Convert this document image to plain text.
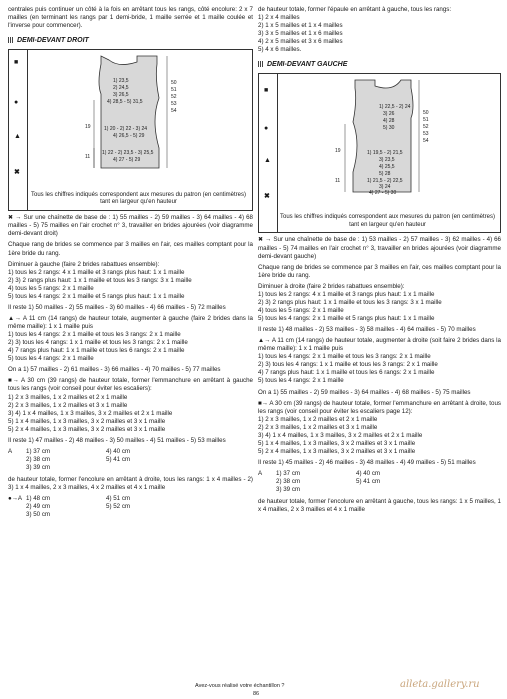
centrales puis continuer un côté à la fois en arrêtant tous les rangs, côté encolure: 2 x 7 mailles (en terminant les rangs par 1 demi-bride, 1 maille serrée et 1 maille coulée et l'inverse pour commencer).

DEMI-DEVANT DROIT
■
●
▲
✖
1) 23,5
2) 24,5
3) 26,5
4) 28,5 - 5) 31,5
1) 20 - 2) 22 - 3) 24
4) 26,5 - 5) 29
1) 22 - 2) 23,5 - 3) 25,5
4) 27 - 5) 29
50
51
52
53
54
19
11
Tous les chiffres indiqués correspondent aux mesures du patron (en centimètres) tant en largeur qu'en hauteur

✖ → Sur une chaînette de base de : 1) 55 mailles - 2) 59 mailles - 3) 64 mailles - 4) 68 mailles - 5) 75 mailles en l'air crochet n° 3, travailler en brides ajourées (voir diagramme demi-devant droit)

Chaque rang de brides se commence par 3 mailles en l'air, ces mailles comptant pour la 1ère bride du rang.

Diminuer à gauche (faire 2 brides rabattues ensemble):

1) tous les 2 rangs: 4 x 1 maille et 3 rangs plus haut: 1 x 1 maille
2) 3) 2 rangs plus haut: 1 x 1 maille et tous les 3 rangs: 3 x 1 maille
4) tous les 5 rangs: 2 x 1 maille
5) tous les 4 rangs: 2 x 1 maille et 5 rangs plus haut: 1 x 1 maille

Il reste 1) 50 mailles - 2) 55 mailles - 3) 60 mailles - 4) 66 mailles - 5) 72 mailles

▲→ A 11 cm (14 rangs) de hauteur totale, augmenter à gauche (faire 2 brides dans la même maille): 1 x 1 maille puis

1) tous les 4 rangs: 2 x 1 maille et tous les 3 rangs: 2 x 1 maille
2) 3) tous les 4 rangs: 1 x 1 maille et tous les 3 rangs: 2 x 1 maille
4) 7 rangs plus haut: 1 x 1 maille et tous les 6 rangs: 2 x 1 maille
5) tous les 4 rangs: 2 x 1 maille

On a 1) 57 mailles - 2) 61 mailles - 3) 66 mailles - 4) 70 mailles - 5) 77 mailles

■→ A 30 cm (39 rangs) de hauteur totale, former l'emmanchure en arrêtant à gauche tous les rangs (voir conseil pour éviter les escaliers):

1) 2 x 3 mailles, 1 x 2 mailles et 2 x 1 maille
2) 2 x 3 mailles, 1 x 2 mailles et 3 x 1 maille
3) 4) 1 x 4 mailles, 1 x 3 mailles, 3 x 2 mailles et 2 x 1 maille
5) 1 x 4 mailles, 1 x 3 mailles, 3 x 2 mailles et 3 x 1 maille
5) 2 x 4 mailles, 1 x 3 mailles, 3 x 2 mailles et 3 x 1 maille

Il reste 1) 47 mailles - 2) 48 mailles - 3) 50 mailles - 4) 51 mailles - 5) 53 mailles

A	1) 37 cm
2) 38 cm
3) 39 cm
4) 40 cm
5) 41 cm

de hauteur totale, former l'encolure en arrêtant à droite, tous les rangs: 1 x 4 mailles - 2) 3) 1 x 4 mailles, 2 x 3 mailles, 4 x 2 mailles et 4 x 1 maille

●→A 1) 48 cm
2) 49 cm
3) 50 cm
4) 51 cm
5) 52 cm

de hauteur totale, former l'épaule en arrêtant à gauche, tous les rangs:

1) 2 x 4 mailles
2) 1 x 5 mailles et 1 x 4 mailles
3) 3 x 5 mailles et 1 x 6 mailles
4) 2 x 5 mailles et 3 x 6 mailles
5) 4 x 6 mailles.
DEMI-DEVANT GAUCHE
■
●
▲
✖
1) 22,5 - 2) 24
3) 26
4) 28
5) 30
1) 19,5 - 2) 21,5
3) 23,5
4) 25,5
5) 28
1) 21,5 - 2) 22,5
3) 24
4) 27 - 5) 30
50
51
52
53
54
19
11
Tous les chiffres indiqués correspondent aux mesures du patron (en centimètres) tant en largeur qu'en hauteur

✖ → Sur une chaînette de base de : 1) 53 mailles - 2) 57 mailles - 3) 62 mailles - 4) 66 mailles - 5) 74 mailles en l'air crochet n° 3, travailler en brides ajourées (voir diagramme demi-devant gauche)

Chaque rang de brides se commence par 3 mailles en l'air, ces mailles comptant pour la 1ère bride du rang.

Diminuer à droite (faire 2 brides rabattues ensemble):

1) tous les 2 rangs: 4 x 1 maille et 3 rangs plus haut: 1 x 1 maille
2) 3) 2 rangs plus haut: 1 x 1 maille et tous les 3 rangs: 3 x 1 maille
4) tous les 5 rangs: 2 x 1 maille
5) tous les 4 rangs: 2 x 1 maille et 5 rangs plus haut: 1 x 1 maille

Il reste 1) 48 mailles - 2) 53 mailles - 3) 58 mailles - 4) 64 mailles - 5) 70 mailles

▲→ A 11 cm (14 rangs) de hauteur totale, augmenter à droite (soit faire 2 brides dans la même maille): 1 x 1 maille puis

1) tous les 4 rangs: 2 x 1 maille et tous les 3 rangs: 2 x 1 maille
2) 3) tous les 4 rangs: 1 x 1 maille et tous les 3 rangs: 2 x 1 maille
4) 7 rangs plus haut: 1 x 1 maille et tous les 6 rangs: 2 x 1 maille
5) tous les 4 rangs: 2 x 1 maille

On a 1) 55 mailles - 2) 59 mailles - 3) 64 mailles - 4) 68 mailles - 5) 75 mailles

■→ A 30 cm (39 rangs) de hauteur totale, former l'emmanchure en arrêtant à droite, tous les rangs (voir conseil pour éviter les escaliers page 12):

1) 2 x 3 mailles, 1 x 2 mailles et 2 x 1 maille
2) 2 x 3 mailles, 1 x 2 mailles et 3 x 1 maille
3) 4) 1 x 4 mailles, 1 x 3 mailles, 3 x 2 mailles et 2 x 1 maille
5) 1 x 4 mailles, 1 x 3 mailles, 3 x 2 mailles et 3 x 1 maille
5) 2 x 4 mailles, 1 x 3 mailles, 3 x 2 mailles et 3 x 1 maille

Il reste 1) 45 mailles - 2) 46 mailles - 3) 48 mailles - 4) 49 mailles - 5) 51 mailles

A	1) 37 cm
2) 38 cm
3) 39 cm
4) 40 cm
5) 41 cm

de hauteur totale, former l'encolure en arrêtant à gauche, tous les rangs: 1 x 5 mailles, 1 x 4 mailles, 2 x 3 mailles et 4 x 1 maille

Avez-vous réalisé votre échantillon ?
86
alleta.gallery.ru
